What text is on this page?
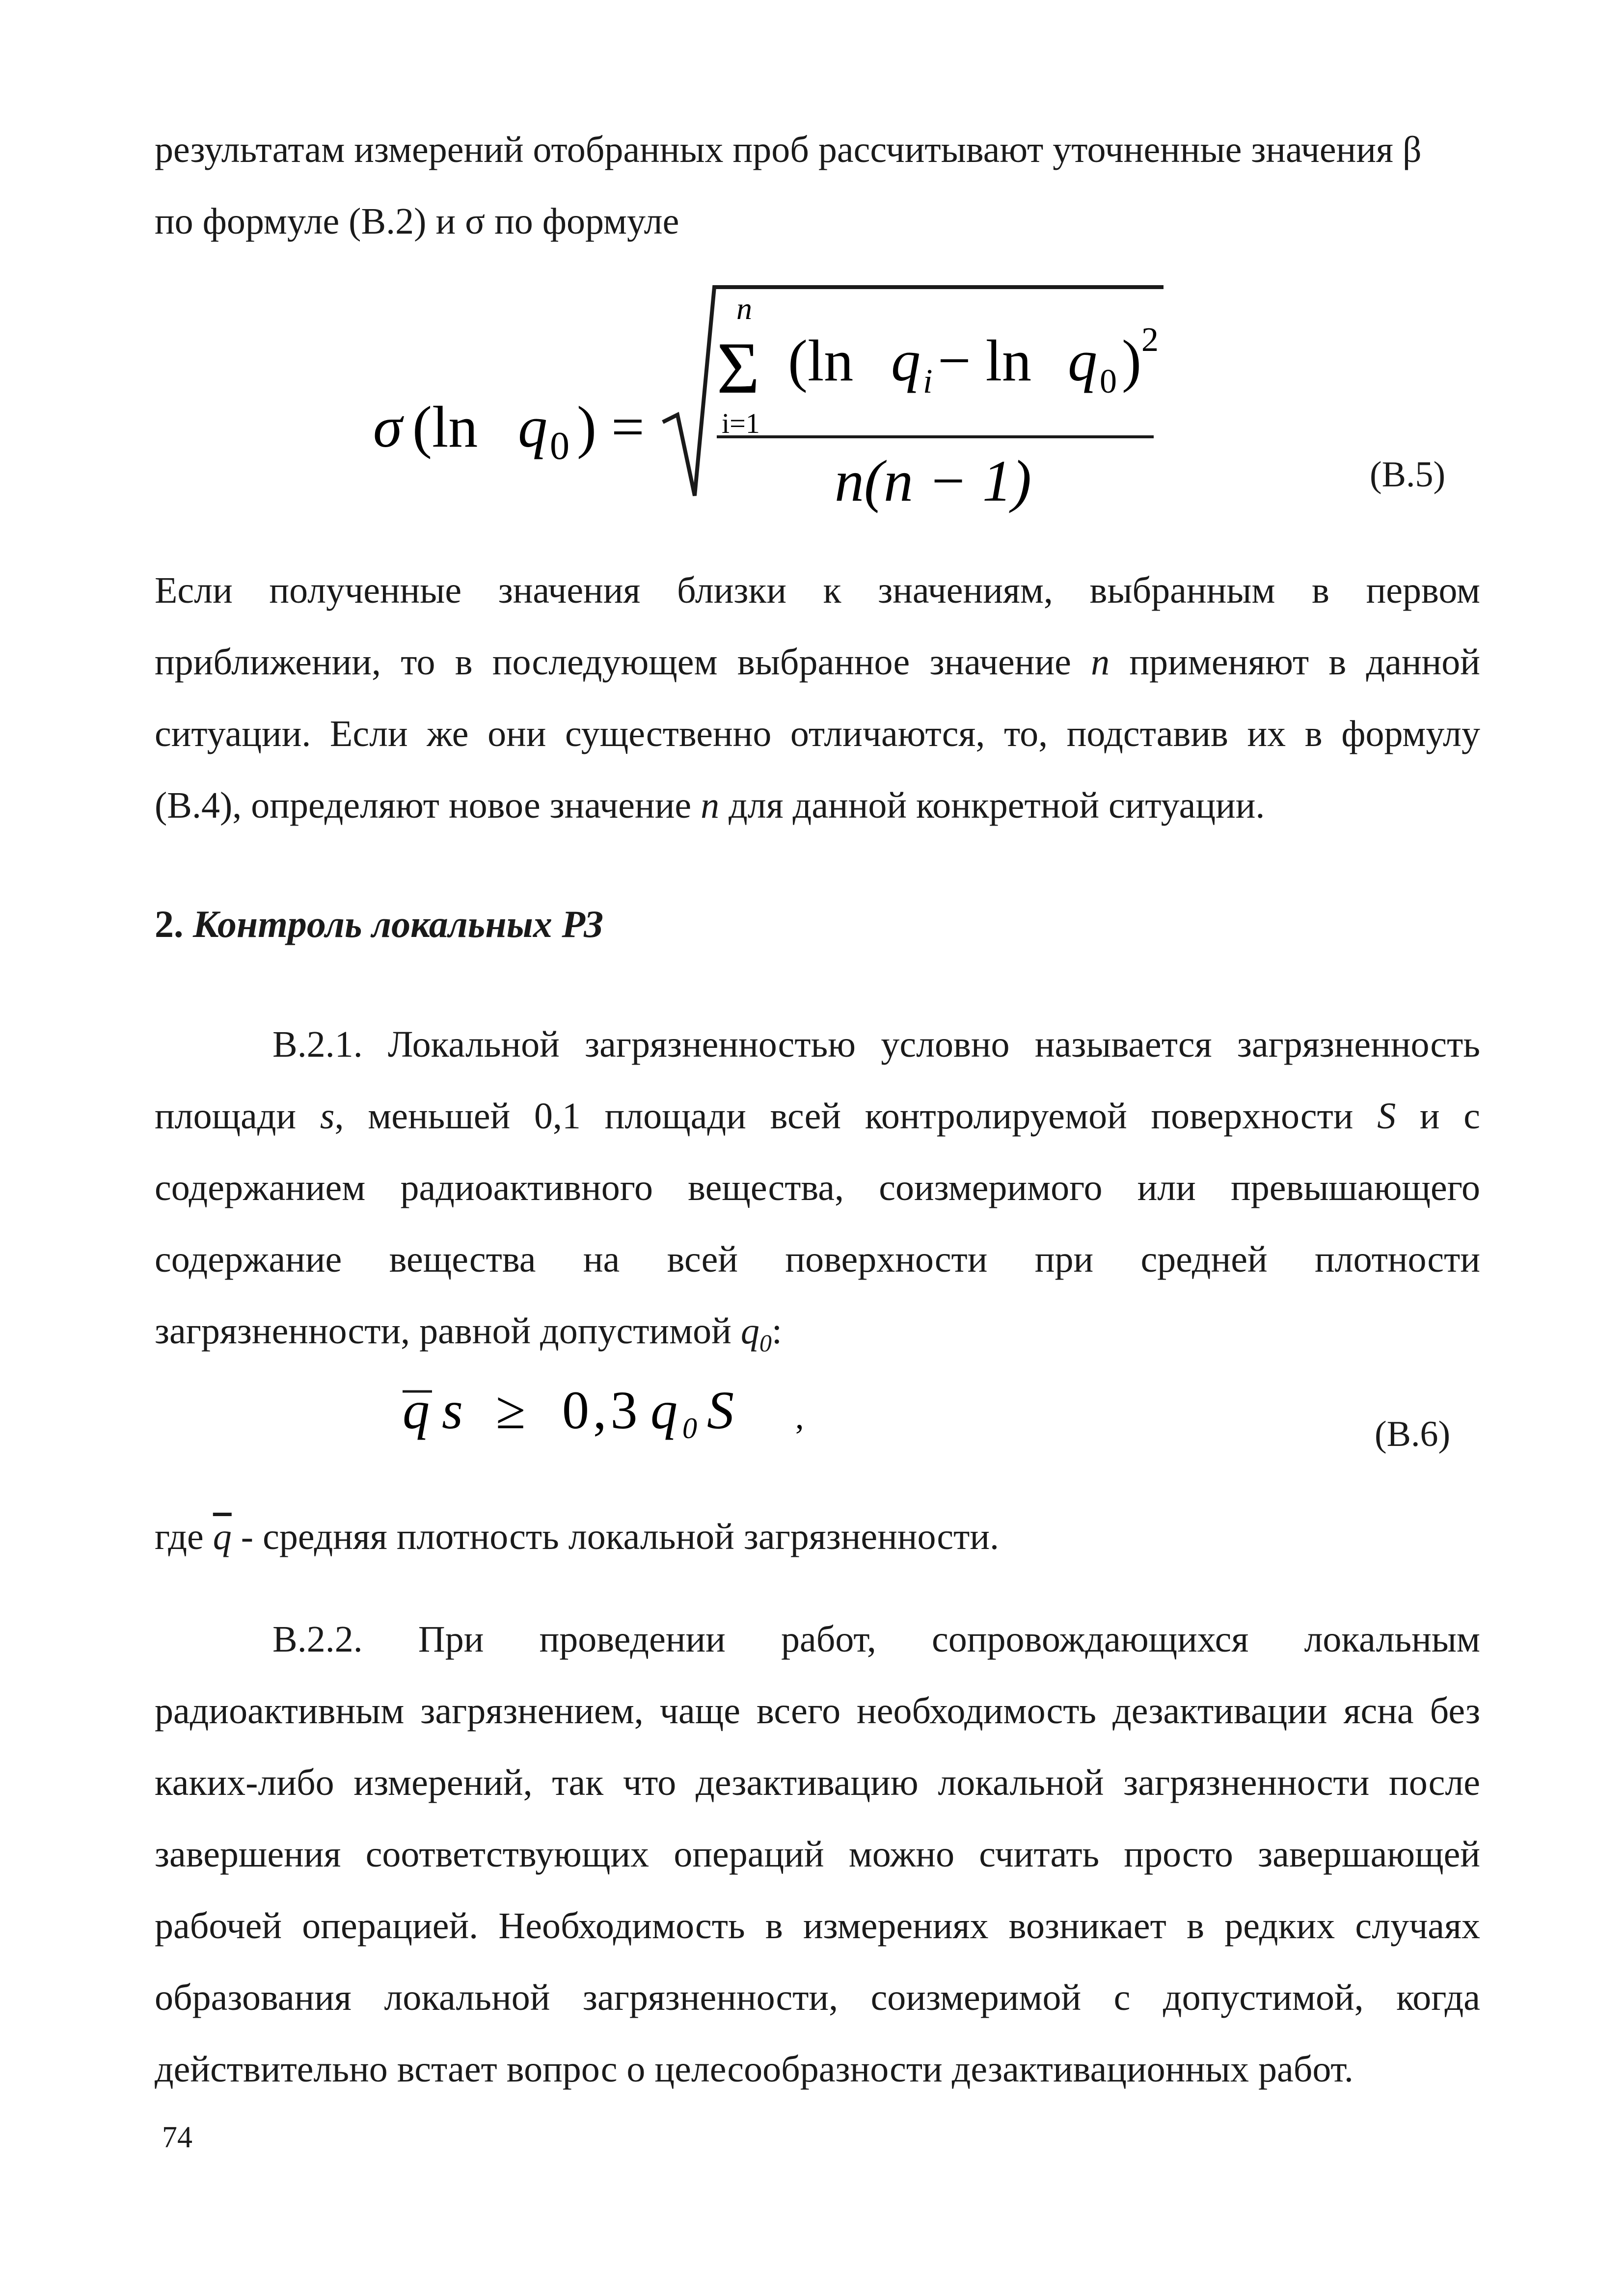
результатам измерений отобранных проб рассчитывают уточненные значения β
по формуле (В.2) и σ по формуле
σ (ln q 0 ) =
n
Σ
i=1
(ln q i − ln q 0 ) 2
n(n − 1)	(В.5)
Если полученные значения близки к значениям, выбранным в первом
приближении, то в последующем выбранное значение n применяют в данной
ситуации. Если же они существенно отличаются, то, подставив их в формулу
(В.4), определяют новое значение n для данной конкретной ситуации.
2. Контроль локальных РЗ
В.2.1. Локальной загрязненностью условно называется загрязненность
площади s, меньшей 0,1 площади всей контролируемой поверхности S и с
содержанием радиоактивного вещества, соизмеримого или превышающего
содержание вещества на всей поверхности при средней плотности
загрязненности, равной допустимой $q_0$:
q s ≥ 0,3 q 0 S ,	(В.6)
где $\overline{q}$ - средняя плотность локальной загрязненности.
В.2.2. При проведении работ, сопровождающихся локальным
радиоактивным загрязнением, чаще всего необходимость дезактивации ясна без
каких-либо измерений, так что дезактивацию локальной загрязненности после
завершения соответствующих операций можно считать просто завершающей
рабочей операцией. Необходимость в измерениях возникает в редких случаях
образования локальной загрязненности, соизмеримой с допустимой, когда
действительно встает вопрос о целесообразности дезактивационных работ.
74
